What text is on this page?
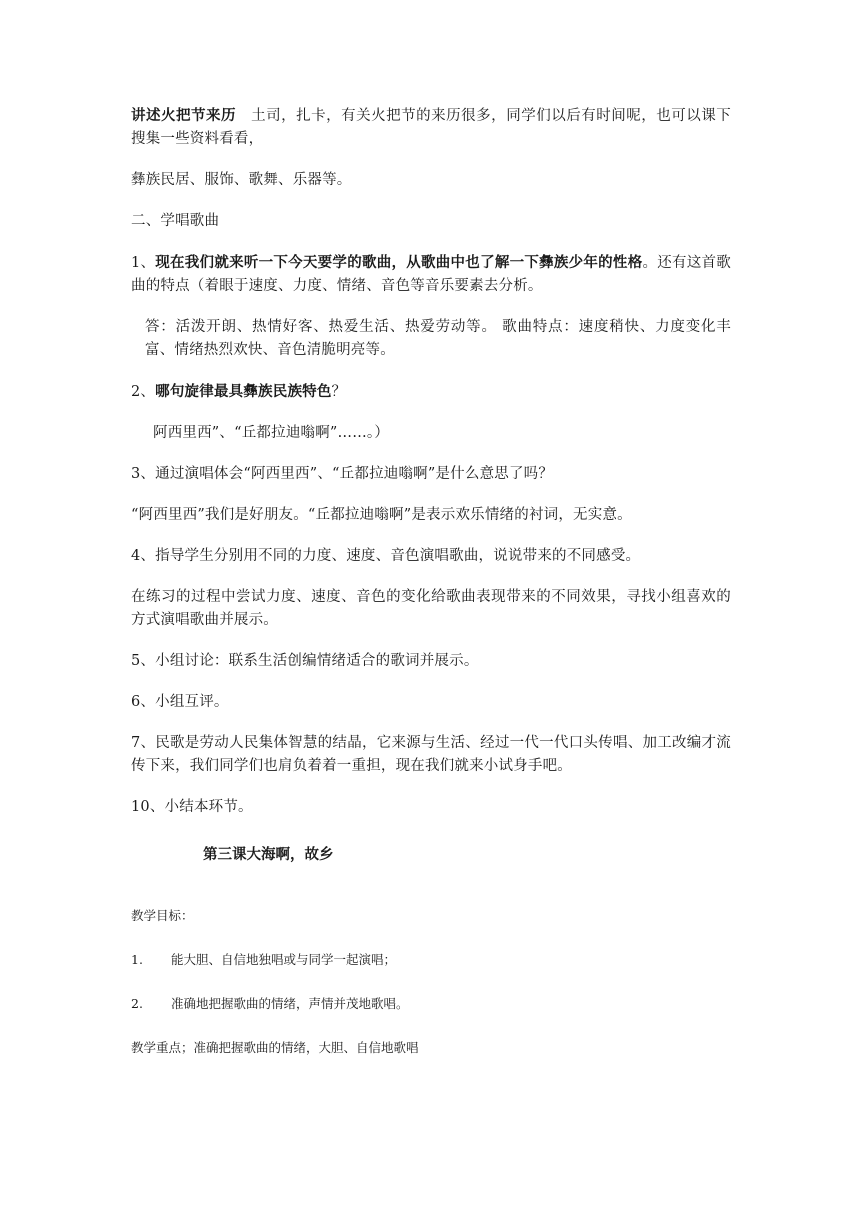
讲述火把节来历　土司，扎卡，有关火把节的来历很多，同学们以后有时间呢，也可以课下搜集一些资料看看，

彝族民居、服饰、歌舞、乐器等。

二、学唱歌曲

1、现在我们就来听一下今天要学的歌曲，从歌曲中也了解一下彝族少年的性格。还有这首歌曲的特点（着眼于速度、力度、情绪、音色等音乐要素去分析。

答：活泼开朗、热情好客、热爱生活、热爱劳动等。 歌曲特点：速度稍快、力度变化丰富、情绪热烈欢快、音色清脆明亮等。

2、哪句旋律最具彝族民族特色？

阿西里西”、“丘都拉迪嗡啊”……。）

3、通过演唱体会“阿西里西”、“丘都拉迪嗡啊”是什么意思了吗？

“阿西里西”我们是好朋友。“丘都拉迪嗡啊”是表示欢乐情绪的衬词，无实意。

4、指导学生分别用不同的力度、速度、音色演唱歌曲，说说带来的不同感受。

在练习的过程中尝试力度、速度、音色的变化给歌曲表现带来的不同效果，寻找小组喜欢的方式演唱歌曲并展示。

5、小组讨论：联系生活创编情绪适合的歌词并展示。

6、小组互评。

7、民歌是劳动人民集体智慧的结晶，它来源与生活、经过一代一代口头传唱、加工改编才流传下来，我们同学们也肩负着着一重担，现在我们就来小试身手吧。

10、小结本环节。

第三课大海啊，故乡

教学目标：

1. 能大胆、自信地独唱或与同学一起演唱；

2. 准确地把握歌曲的情绪，声情并茂地歌唱。

教学重点；准确把握歌曲的情绪，大胆、自信地歌唱
